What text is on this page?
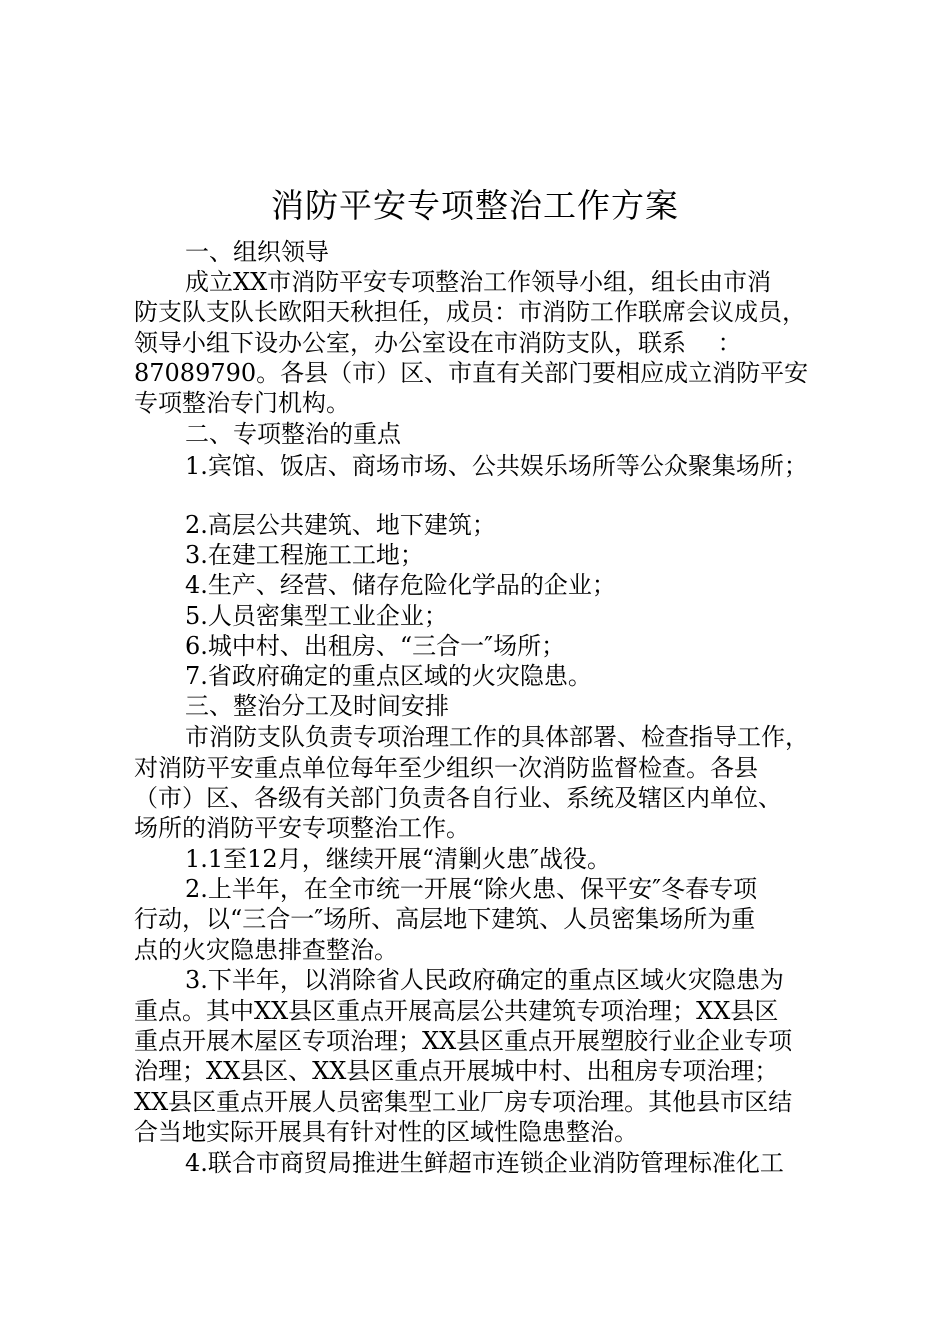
消防平安专项整治工作方案
一、组织领导
成立XX市消防平安专项整治工作领导小组，组长由市消
防支队支队长欧阳天秋担任，成员：市消防工作联席会议成员，
领导小组下设办公室，办公室设在市消防支队，联系　 ：
87089790。各县（市）区、市直有关部门要相应成立消防平安
专项整治专门机构。
二、专项整治的重点
1.宾馆、饭店、商场市场、公共娱乐场所等公众聚集场所；
2.高层公共建筑、地下建筑；
3.在建工程施工工地；
4.生产、经营、储存危险化学品的企业；
5.人员密集型工业企业；
6.城中村、出租房、“三合一″场所；
7.省政府确定的重点区域的火灾隐患。
三、整治分工及时间安排
市消防支队负责专项治理工作的具体部署、检查指导工作，
对消防平安重点单位每年至少组织一次消防监督检查。各县
（市）区、各级有关部门负责各自行业、系统及辖区内单位、
场所的消防平安专项整治工作。
1.1至12月，继续开展“清剿火患″战役。
2.上半年，在全市统一开展“除火患、保平安″冬春专项
行动，以“三合一″场所、高层地下建筑、人员密集场所为重
点的火灾隐患排查整治。
3.下半年，以消除省人民政府确定的重点区域火灾隐患为
重点。其中XX县区重点开展高层公共建筑专项治理；XX县区
重点开展木屋区专项治理；XX县区重点开展塑胶行业企业专项
治理；XX县区、XX县区重点开展城中村、出租房专项治理；
XX县区重点开展人员密集型工业厂房专项治理。其他县市区结
合当地实际开展具有针对性的区域性隐患整治。
4.联合市商贸局推进生鲜超市连锁企业消防管理标准化工
